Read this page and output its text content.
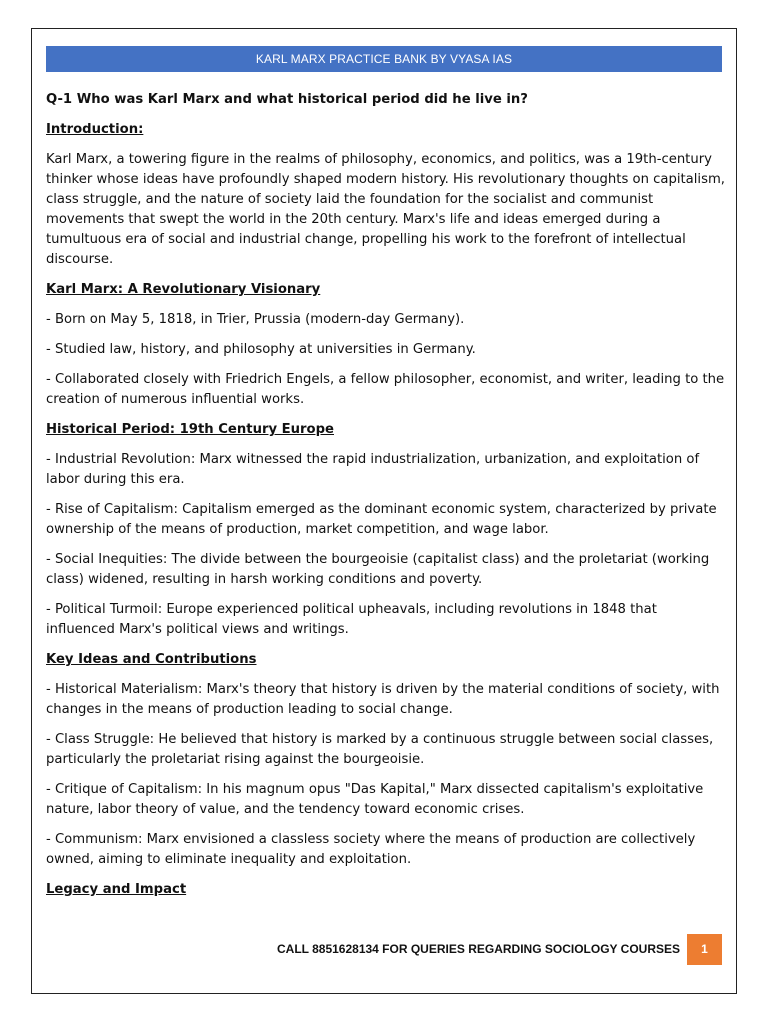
KARL MARX PRACTICE BANK BY VYASA IAS
Q-1 Who was Karl Marx and what historical period did he live in?
Introduction:
Karl Marx, a towering figure in the realms of philosophy, economics, and politics, was a 19th-century thinker whose ideas have profoundly shaped modern history. His revolutionary thoughts on capitalism, class struggle, and the nature of society laid the foundation for the socialist and communist movements that swept the world in the 20th century. Marx's life and ideas emerged during a tumultuous era of social and industrial change, propelling his work to the forefront of intellectual discourse.
Karl Marx: A Revolutionary Visionary
- Born on May 5, 1818, in Trier, Prussia (modern-day Germany).
- Studied law, history, and philosophy at universities in Germany.
- Collaborated closely with Friedrich Engels, a fellow philosopher, economist, and writer, leading to the creation of numerous influential works.
Historical Period: 19th Century Europe
- Industrial Revolution: Marx witnessed the rapid industrialization, urbanization, and exploitation of labor during this era.
- Rise of Capitalism: Capitalism emerged as the dominant economic system, characterized by private ownership of the means of production, market competition, and wage labor.
- Social Inequities: The divide between the bourgeoisie (capitalist class) and the proletariat (working class) widened, resulting in harsh working conditions and poverty.
- Political Turmoil: Europe experienced political upheavals, including revolutions in 1848 that influenced Marx's political views and writings.
Key Ideas and Contributions
- Historical Materialism: Marx's theory that history is driven by the material conditions of society, with changes in the means of production leading to social change.
- Class Struggle: He believed that history is marked by a continuous struggle between social classes, particularly the proletariat rising against the bourgeoisie.
- Critique of Capitalism: In his magnum opus "Das Kapital," Marx dissected capitalism's exploitative nature, labor theory of value, and the tendency toward economic crises.
- Communism: Marx envisioned a classless society where the means of production are collectively owned, aiming to eliminate inequality and exploitation.
Legacy and Impact
CALL 8851628134 FOR QUERIES REGARDING SOCIOLOGY COURSES	1
